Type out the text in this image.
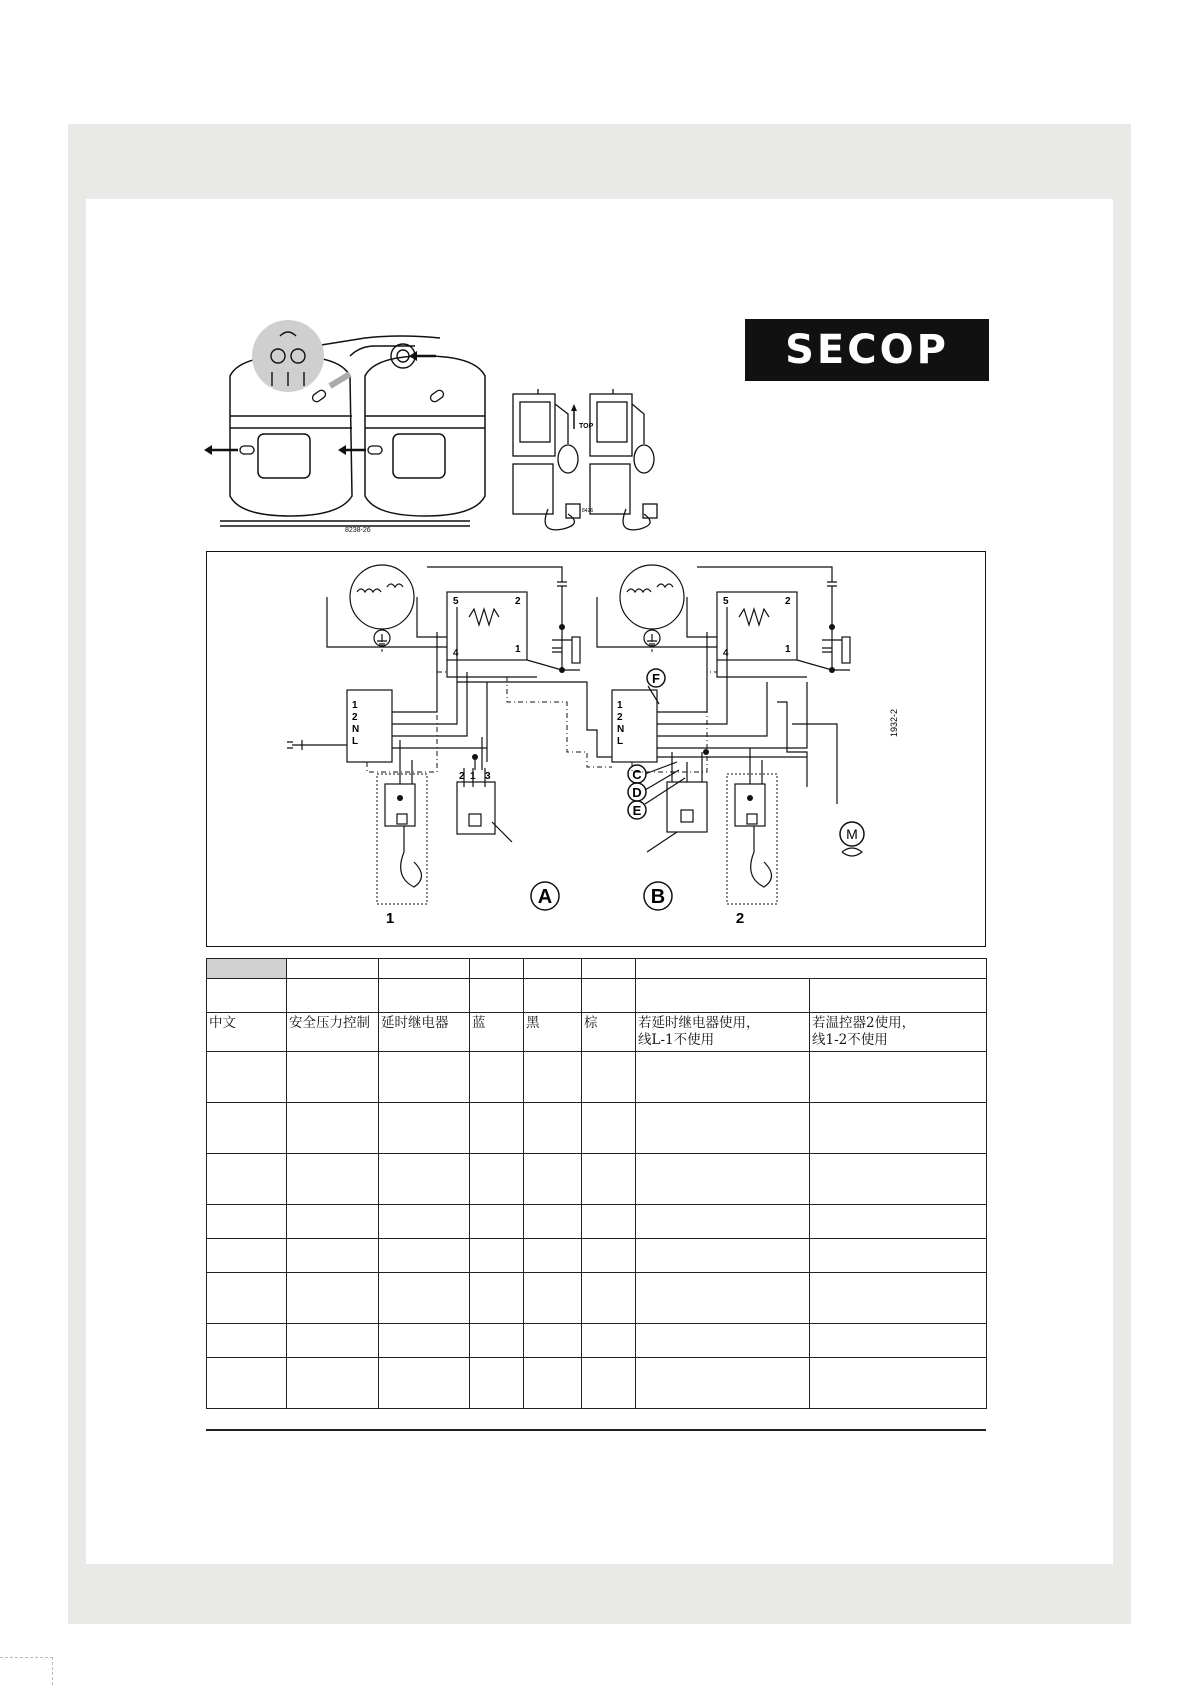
SECOP
8238-26
TOP
8426
M
1
2
N
L
1
2
N
L
5
4
2
1
5
4
2
1
2 1 3
A	B
F
C
D
E
1	2
1932-2

中文	安全压力控制	延时继电器	蓝	黑	棕	若延时继电器使用，
线L-1不使用	若温控器2使用，
线1-2不使用
